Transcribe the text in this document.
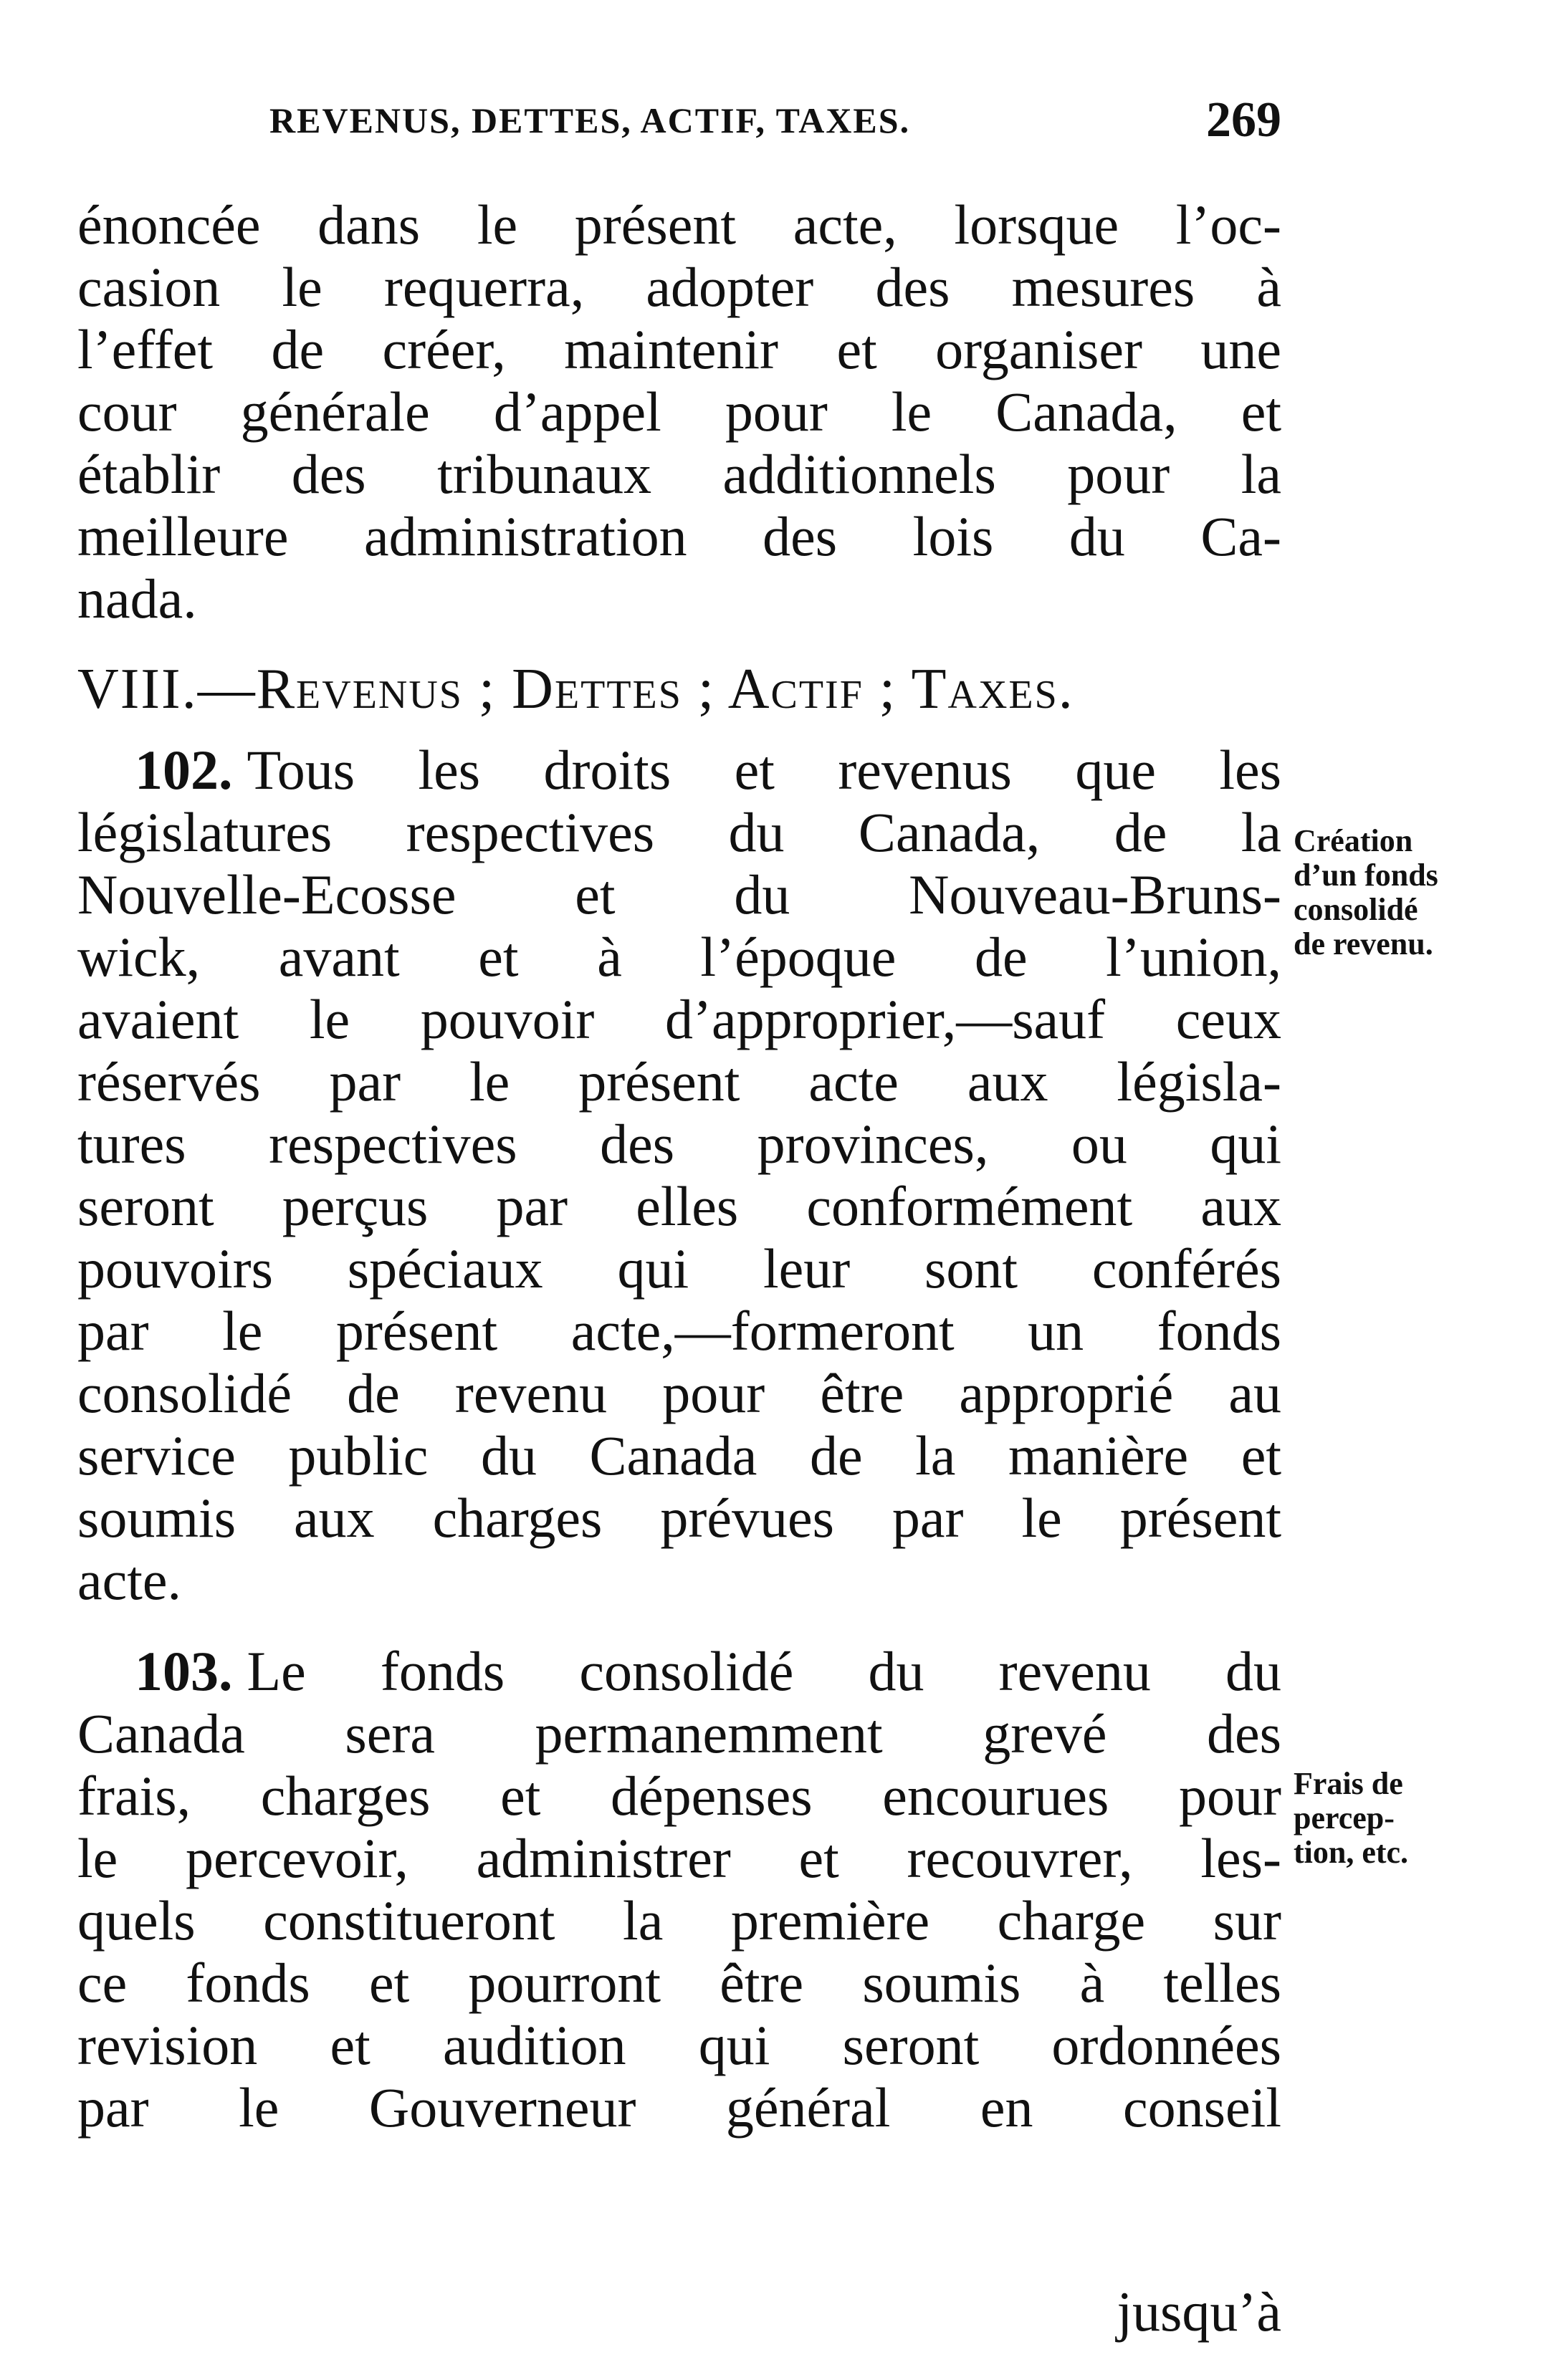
REVENUS, DETTES, ACTIF, TAXES.	269
énoncée dans le présent acte, lorsque l’oc-
casion le requerra, adopter des mesures à
l’effet de créer, maintenir et organiser une
cour générale d’appel pour le Canada, et
établir des tribunaux additionnels pour la
meilleure administration des lois du Ca-
nada.
VIII.—Revenus ; Dettes ; Actif ; Taxes.
102. Tous les droits et revenus que les
législatures respectives du Canada, de la
Nouvelle-Ecosse et du Nouveau-Bruns-
wick, avant et à l’époque de l’union,
avaient le pouvoir d’approprier,—sauf ceux
réservés par le présent acte aux législa-
tures respectives des provinces, ou qui
seront perçus par elles conformément aux
pouvoirs spéciaux qui leur sont conférés
par le présent acte,—formeront un fonds
consolidé de revenu pour être approprié au
service public du Canada de la manière et
soumis aux charges prévues par le présent
acte.
103. Le fonds consolidé du revenu du
Canada sera permanemment grevé des
frais, charges et dépenses encourues pour
le percevoir, administrer et recouvrer, les-
quels constitueront la première charge sur
ce fonds et pourront être soumis à telles
revision et audition qui seront ordonnées
par le Gouverneur général en conseil
Création
d’un fonds
consolidé
de revenu.
Frais de
percep-
tion, etc.
jusqu’à
